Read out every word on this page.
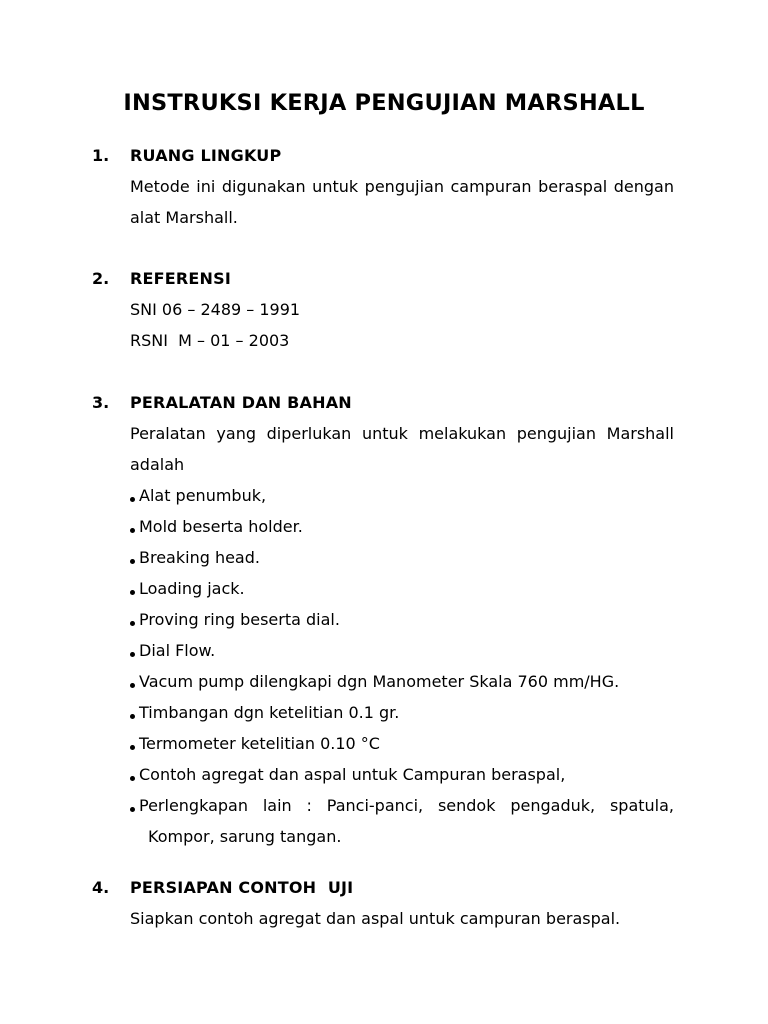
INSTRUKSI KERJA PENGUJIAN MARSHALL
1. RUANG LINGKUP
Metode ini digunakan untuk pengujian campuran beraspal dengan alat Marshall.
2. REFERENSI
SNI 06 – 2489 – 1991
RSNI  M – 01 – 2003
3. PERALATAN DAN BAHAN
Peralatan yang diperlukan untuk melakukan pengujian Marshall adalah
Alat penumbuk,
Mold beserta holder.
Breaking head.
Loading jack.
Proving ring beserta dial.
Dial Flow.
Vacum pump dilengkapi dgn Manometer Skala 760 mm/HG.
Timbangan dgn ketelitian 0.1 gr.
Termometer ketelitian 0.10 °C
Contoh agregat dan aspal untuk Campuran beraspal,
Perlengkapan lain : Panci-panci, sendok pengaduk, spatula,
Kompor, sarung tangan.
4. PERSIAPAN CONTOH  UJI
Siapkan contoh agregat dan aspal untuk campuran beraspal.
